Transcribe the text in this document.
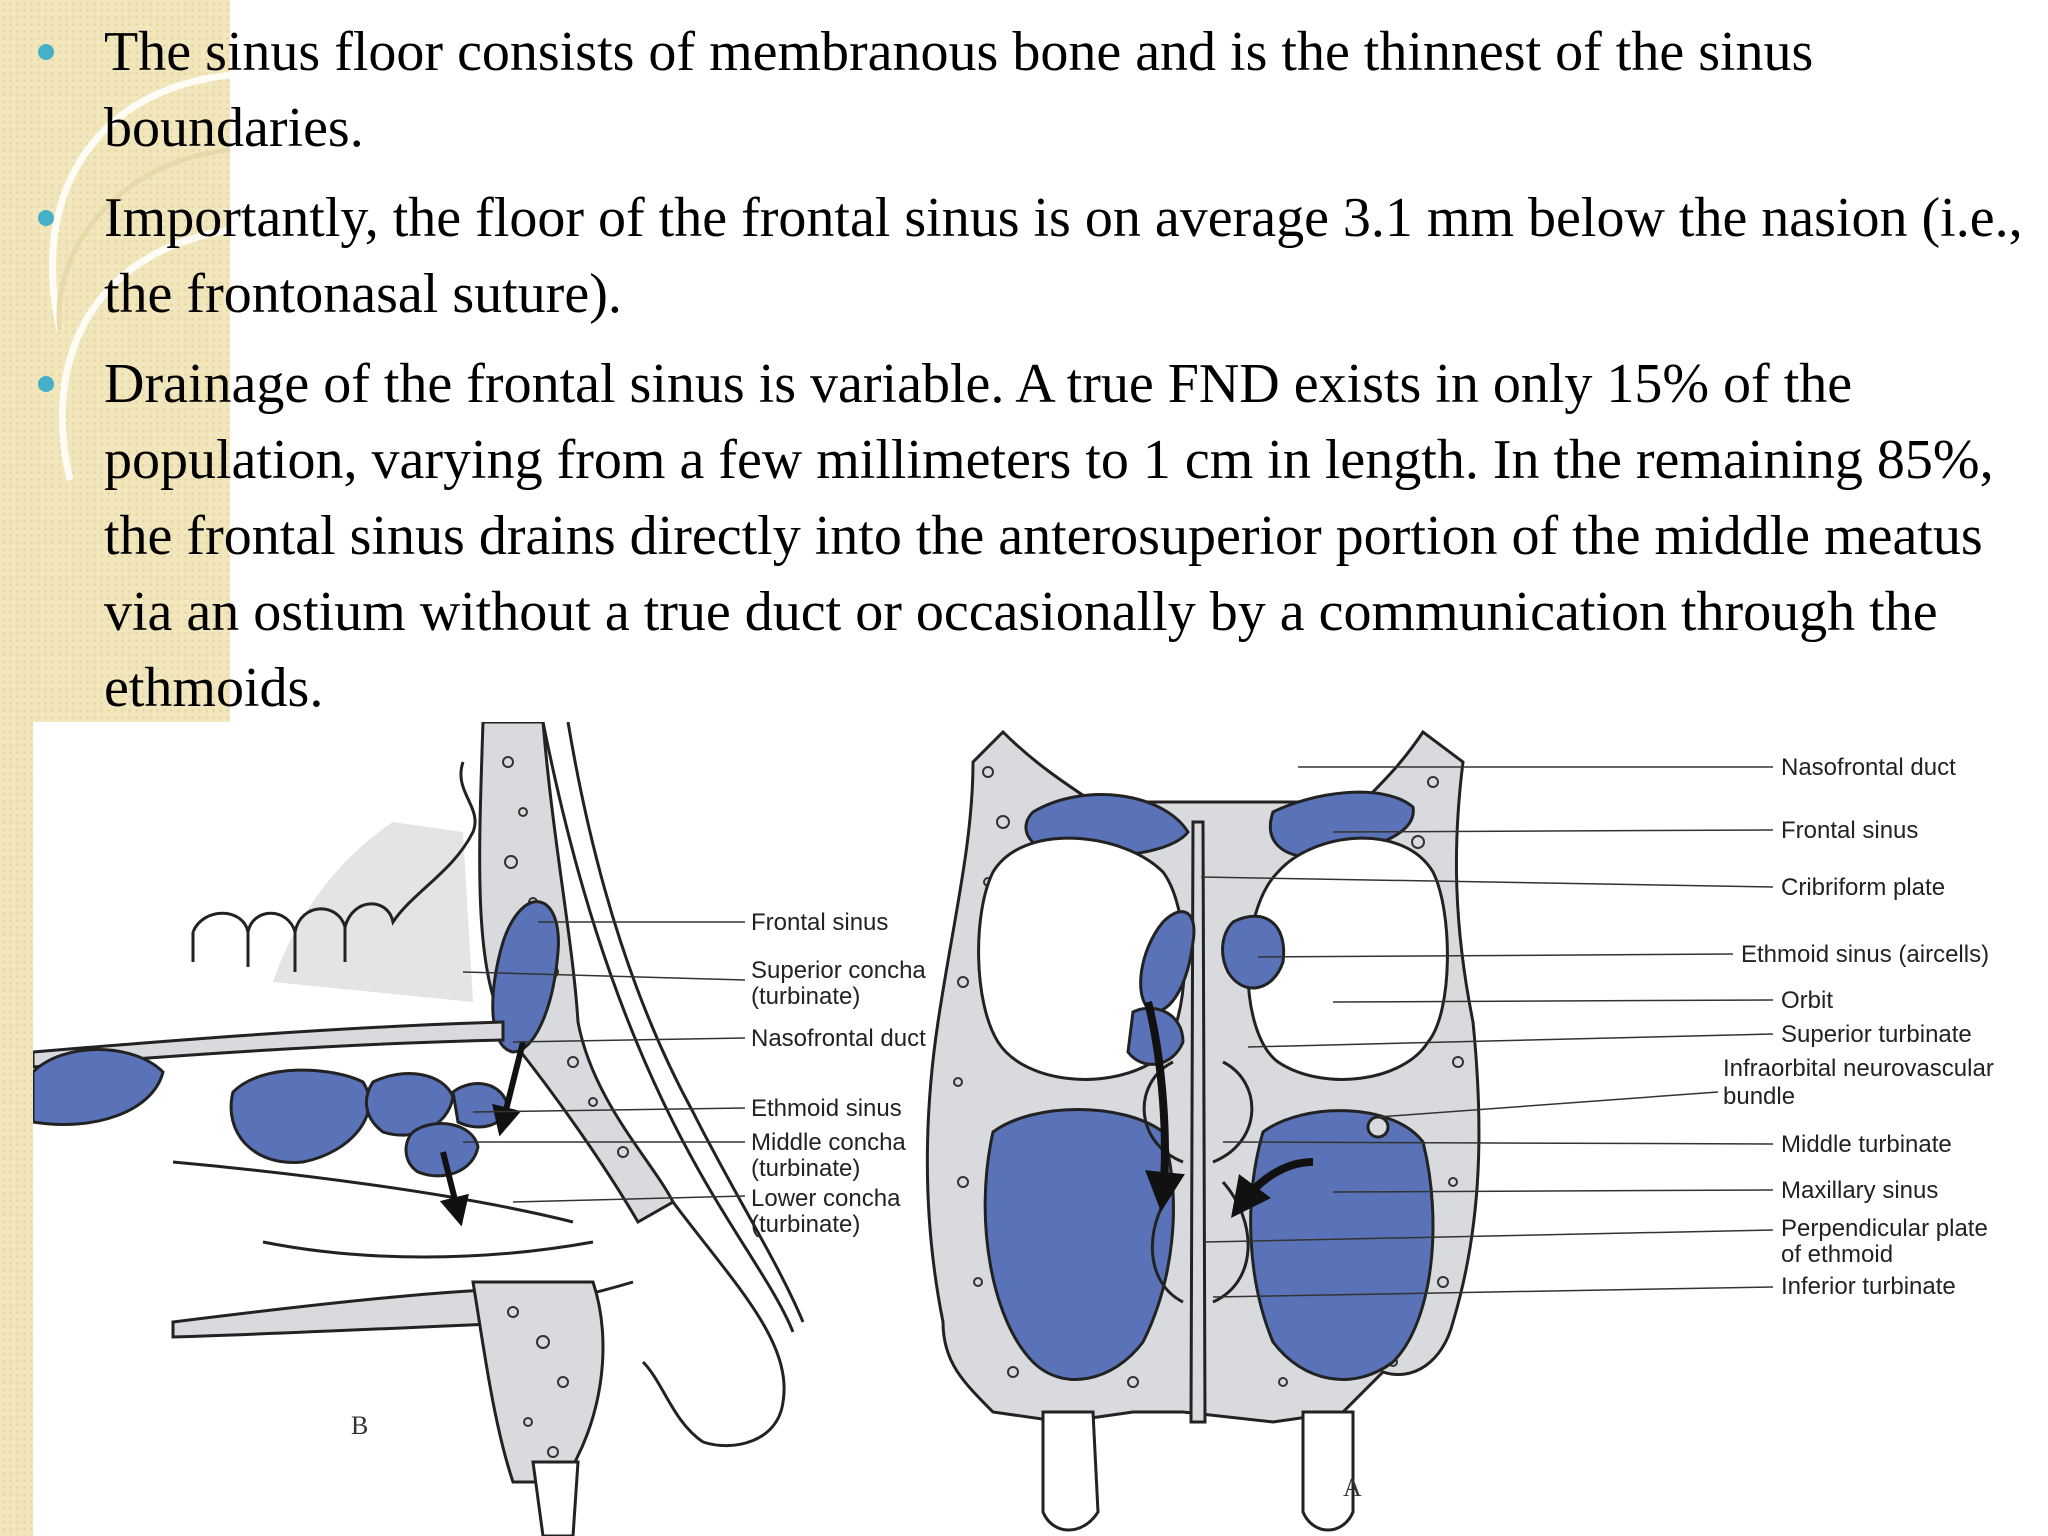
The sinus floor consists of membranous bone and is the thinnest of the sinus boundaries.
Importantly, the floor of the frontal sinus is on average 3.1 mm below the nasion (i.e., the frontonasal suture).
Drainage of the frontal sinus is variable. A true FND exists in only 15% of the population, varying from a few millimeters to 1 cm in length. In the remaining 85%, the frontal sinus drains directly into the anterosuperior portion of the middle meatus via an ostium without a true duct or occasionally by a communication through the ethmoids.
Frontal sinus
Superior concha
(turbinate)
Nasofrontal duct
Ethmoid sinus
Middle concha
(turbinate)
Lower concha
(turbinate)
B
Nasofrontal duct
Frontal sinus
Cribriform plate
Ethmoid sinus (aircells)
Orbit
Superior turbinate
Infraorbital neurovascular
bundle
Middle turbinate
Maxillary sinus
Perpendicular plate
of ethmoid
Inferior turbinate
A
